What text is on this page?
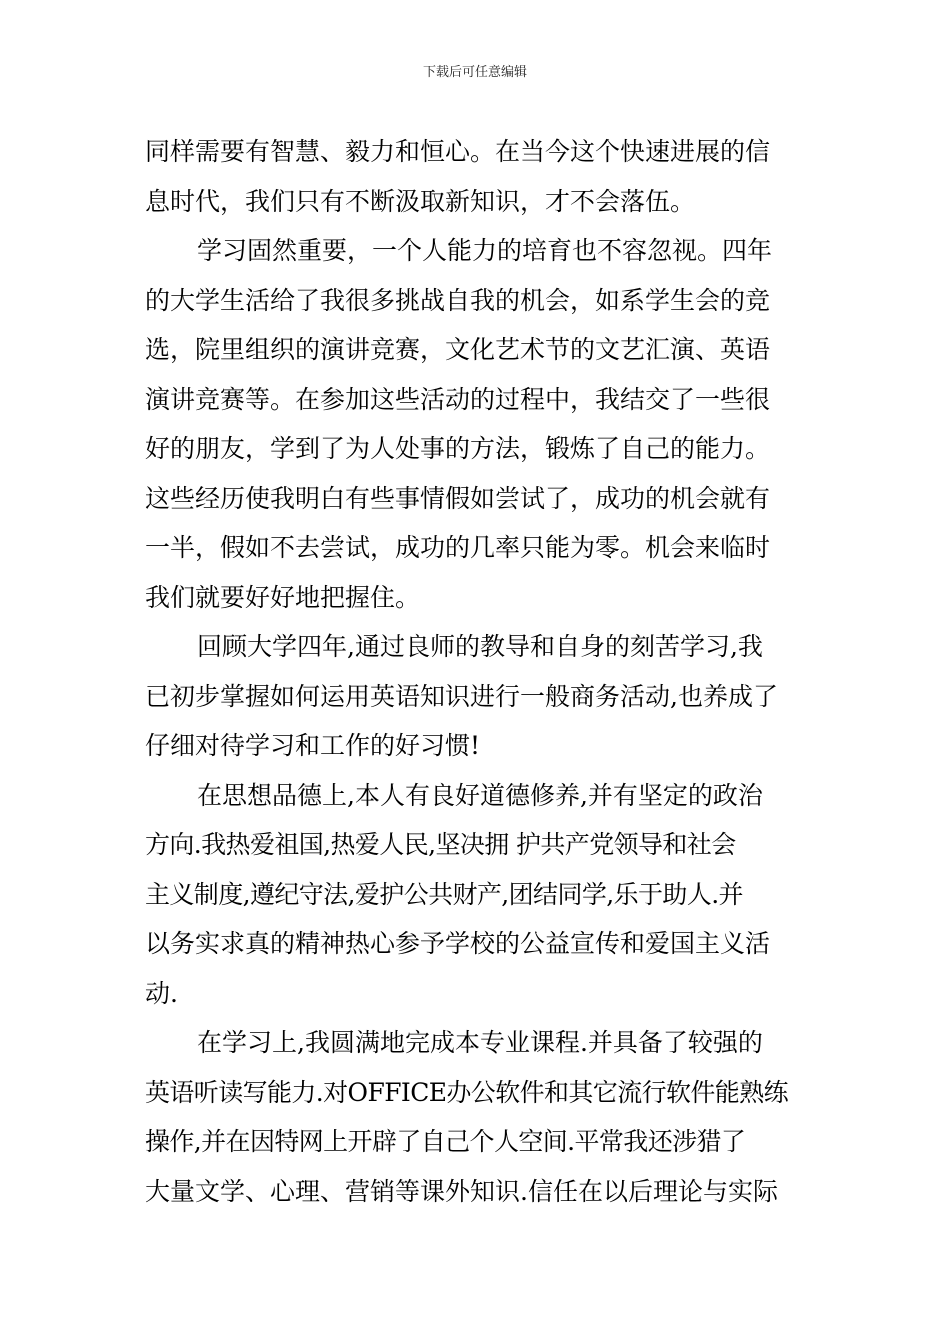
下载后可任意编辑
同样需要有智慧、毅力和恒心。在当今这个快速进展的信
息时代，我们只有不断汲取新知识，才不会落伍。
学习固然重要，一个人能力的培育也不容忽视。四年
的大学生活给了我很多挑战自我的机会，如系学生会的竞
选，院里组织的演讲竞赛，文化艺术节的文艺汇演、英语
演讲竞赛等。在参加这些活动的过程中，我结交了一些很
好的朋友，学到了为人处事的方法，锻炼了自己的能力。
这些经历使我明白有些事情假如尝试了，成功的机会就有
一半，假如不去尝试，成功的几率只能为零。机会来临时
我们就要好好地把握住。
回顾大学四年,通过良师的教导和自身的刻苦学习,我
已初步掌握如何运用英语知识进行一般商务活动,也养成了
仔细对待学习和工作的好习惯!
在思想品德上,本人有良好道德修养,并有坚定的政治
方向.我热爱祖国,热爱人民,坚决拥 护共产党领导和社会
主义制度,遵纪守法,爱护公共财产,团结同学,乐于助人.并
以务实求真的精神热心参予学校的公益宣传和爱国主义活
动.
在学习上,我圆满地完成本专业课程.并具备了较强的
英语听读写能力.对OFFICE办公软件和其它流行软件能熟练
操作,并在因特网上开辟了自己个人空间.平常我还涉猎了
大量文学、心理、营销等课外知识.信任在以后理论与实际
